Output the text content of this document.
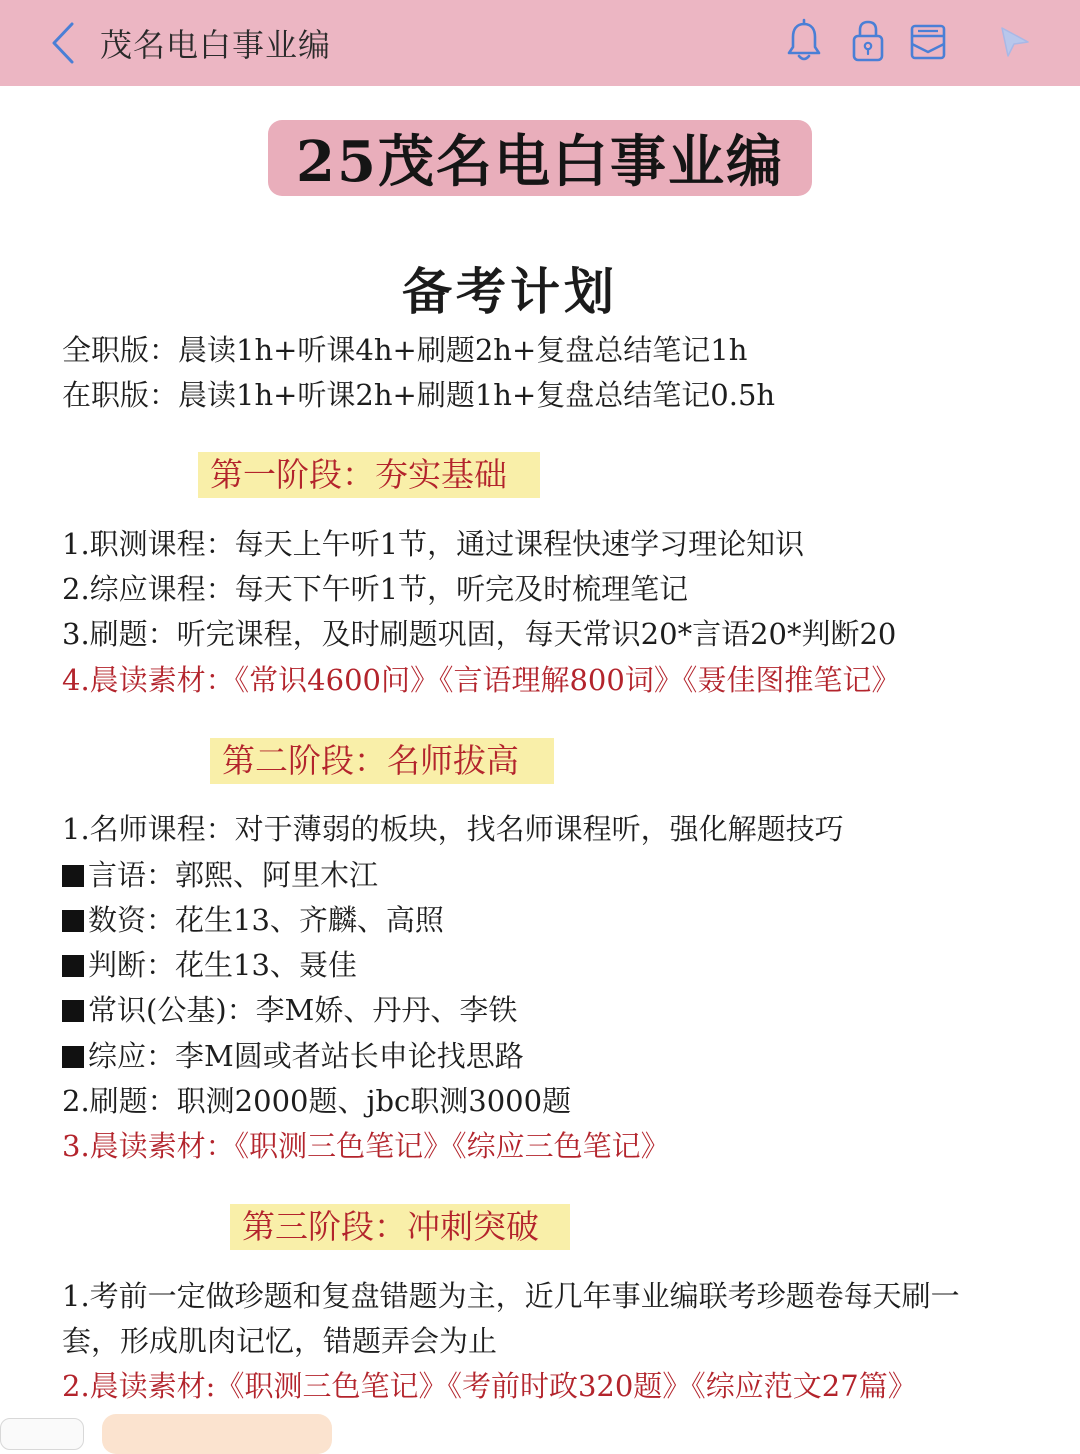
茂名电白事业编
25茂名电白事业编
备考计划
全职版：晨读1h+听课4h+刷题2h+复盘总结笔记1h
在职版：晨读1h+听课2h+刷题1h+复盘总结笔记0.5h
第一阶段：夯实基础
1.职测课程：每天上午听1节，通过课程快速学习理论知识
2.综应课程：每天下午听1节，听完及时梳理笔记
3.刷题：听完课程，及时刷题巩固，每天常识20*言语20*判断20
4.晨读素材：《常识4600问》《言语理解800词》《聂佳图推笔记》
第二阶段：名师拔高
1.名师课程：对于薄弱的板块，找名师课程听，强化解题技巧
言语：郭熙、阿里木江
数资：花生13、齐麟、高照
判断：花生13、聂佳
常识(公基)：李M娇、丹丹、李铁
综应：李M圆或者站长申论找思路
2.刷题：职测2000题、jbc职测3000题
3.晨读素材：《职测三色笔记》《综应三色笔记》
第三阶段：冲刺突破
1.考前一定做珍题和复盘错题为主，近几年事业编联考珍题卷每天刷一
套，形成肌肉记忆，错题弄会为止
2.晨读素材:《职测三色笔记》《考前时政320题》《综应范文27篇》
